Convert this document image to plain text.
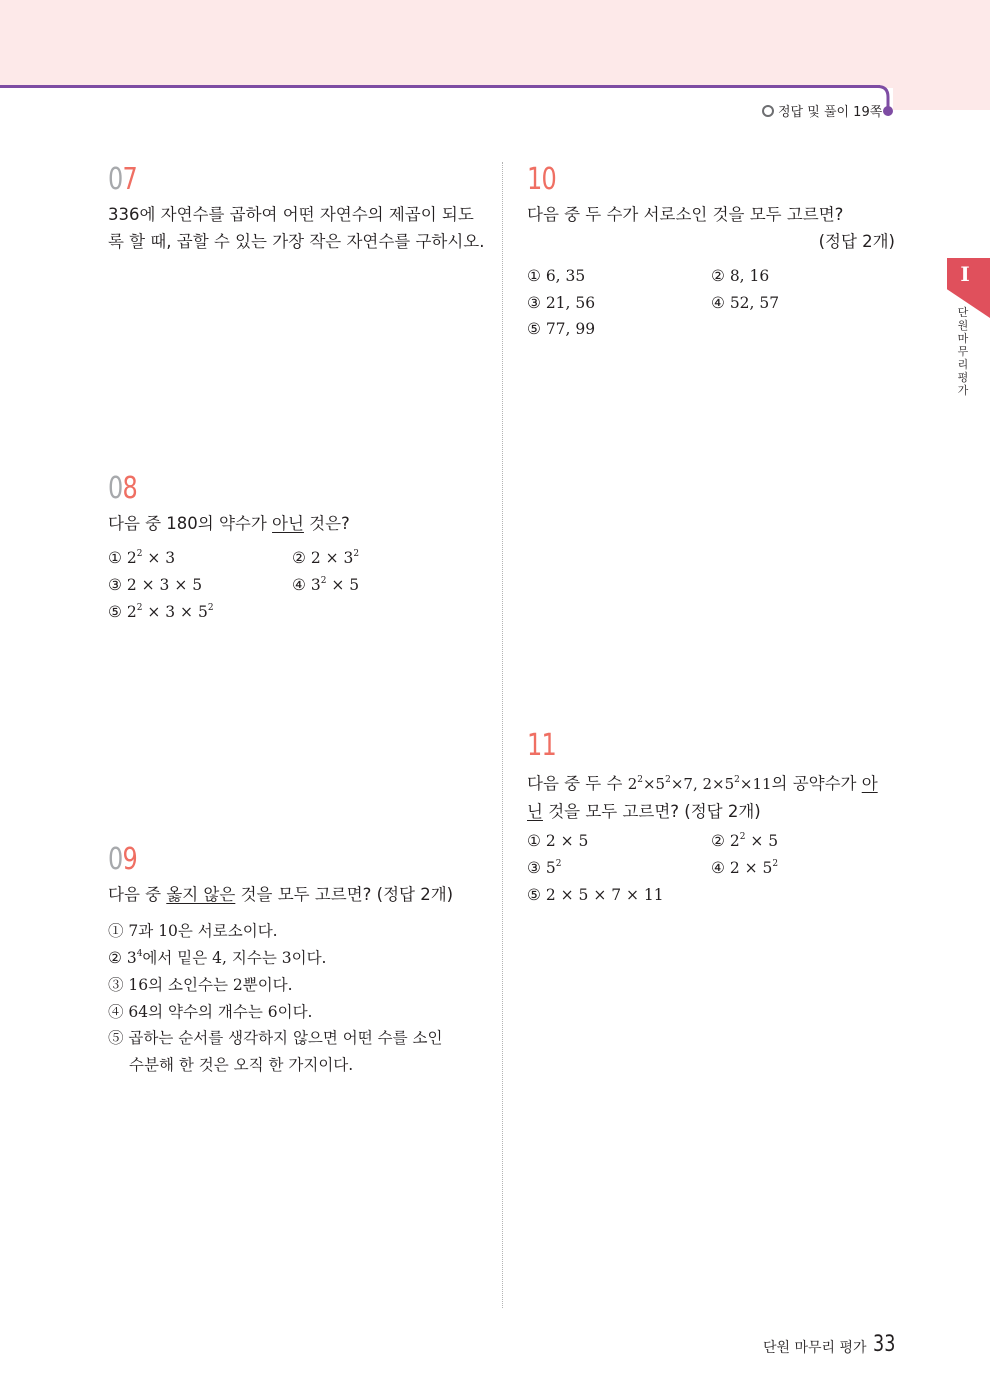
정답 및 풀이 19쪽
I
단원 마무리 평가
07
336에 자연수를 곱하여 어떤 자연수의 제곱이 되도
록 할 때, 곱할 수 있는 가장 작은 자연수를 구하시오.
08
다음 중 180의 약수가 아닌 것은?
① $2^2 \times 3$	② $2 \times 3^2$
③ 2 × 3 × 5	④ $3^2 \times 5$
⑤ $2^2 \times 3 \times 5^2$
09
다음 중 옳지 않은 것을 모두 고르면? (정답 2개)
① 7과 10은 서로소이다.
② $3^4$에서 밑은 4, 지수는 3이다.
③ 16의 소인수는 2뿐이다.
④ 64의 약수의 개수는 6이다.
⑤ 곱하는 순서를 생각하지 않으면 어떤 수를 소인
수분해 한 것은 오직 한 가지이다.
10
다음 중 두 수가 서로소인 것을 모두 고르면?
(정답 2개)
① 6, 35	② 8, 16
③ 21, 56	④ 52, 57
⑤ 77, 99
11
다음 중 두 수 $2^2\times 5^2\times 7$, $2\times 5^2\times 11$의 공약수가 아
닌 것을 모두 고르면? (정답 2개)
① 2 × 5	② $2^2 \times 5$
③ $5^2$	④ $2 \times 5^2$
⑤ 2 × 5 × 7 × 11
단원 마무리 평가 33
